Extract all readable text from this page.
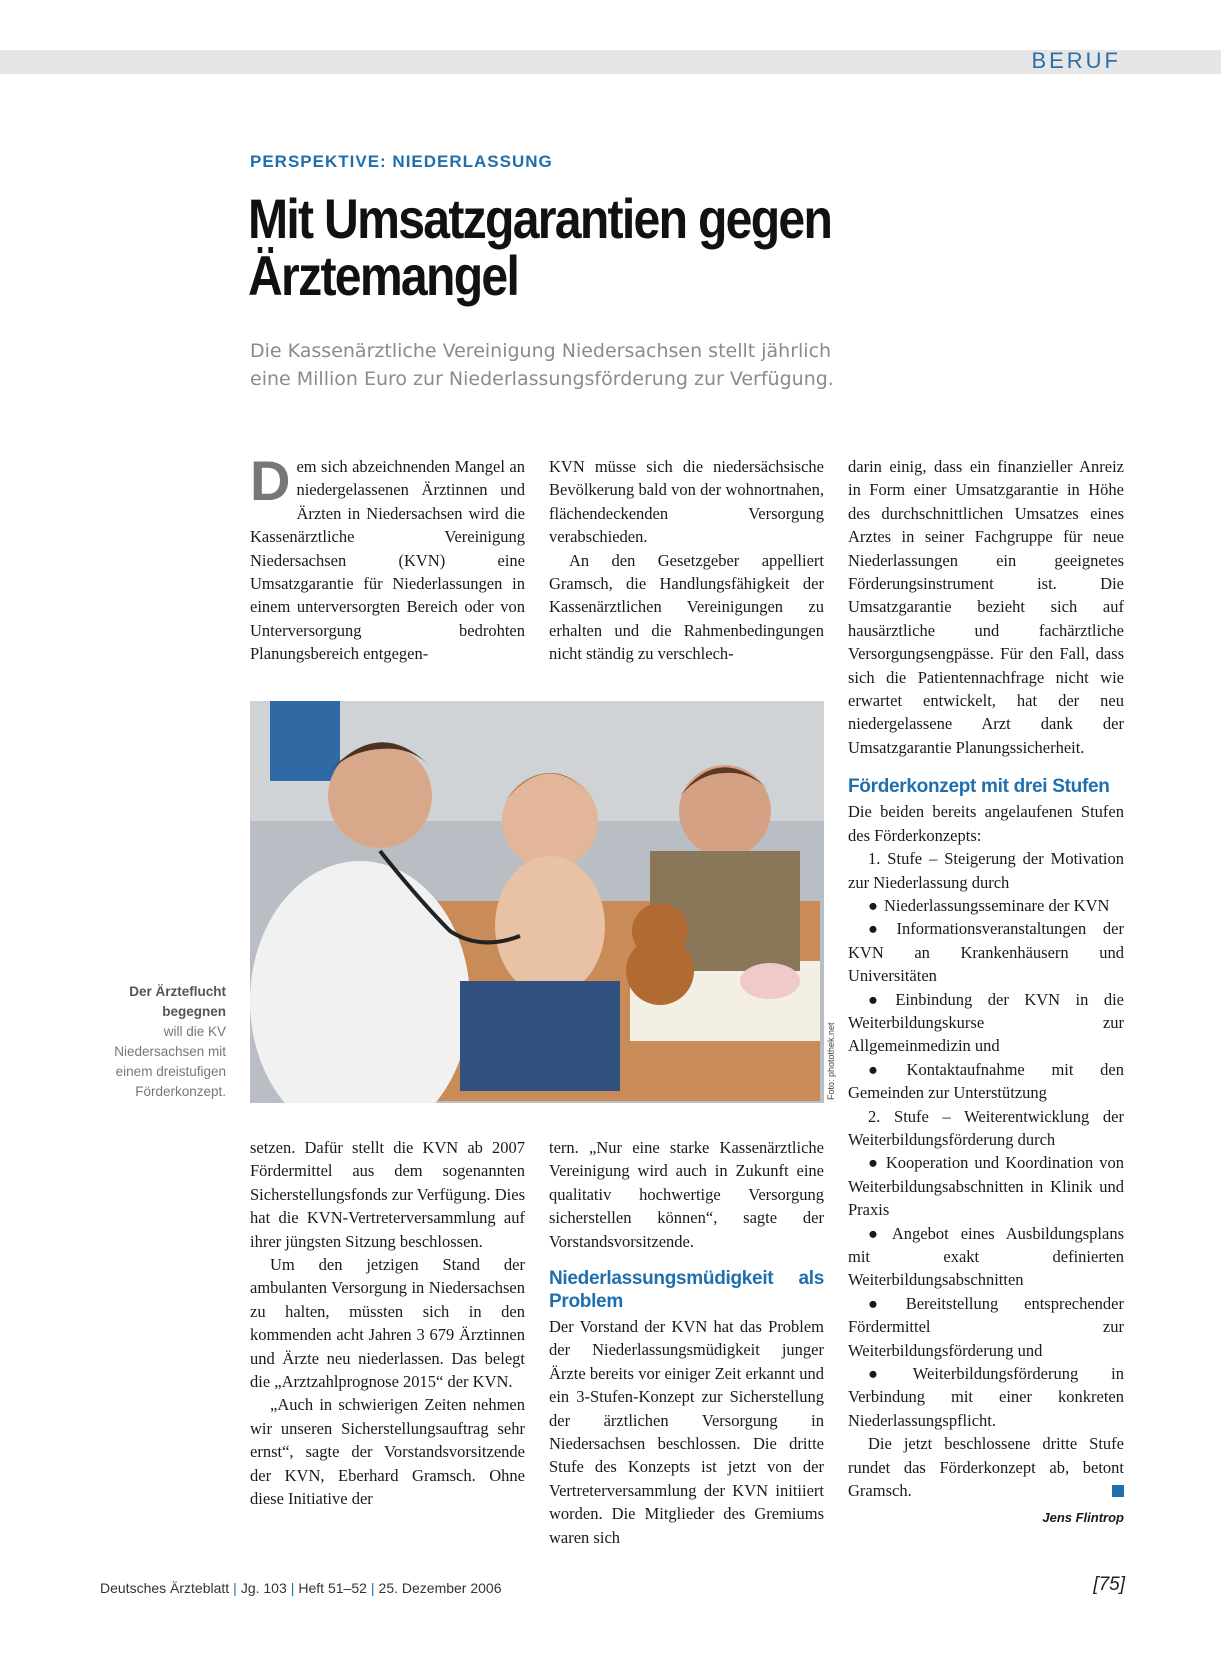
BERUF
PERSPEKTIVE: NIEDERLASSUNG
Mit Umsatzgarantien gegen
Ärztemangel
Die Kassenärztliche Vereinigung Niedersachsen stellt jährlich
eine Million Euro zur Niederlassungsförderung zur Verfügung.

Dem sich abzeichnenden Mangel an niedergelassenen Ärztinnen und Ärzten in Niedersachsen wird die Kassenärztliche Vereinigung Niedersachsen (KVN) eine Umsatzgarantie für Niederlassungen in einem unterversorgten Bereich oder von Unterversorgung bedrohten Planungsbereich entgegen-

KVN müsse sich die niedersächsische Bevölkerung bald von der wohnortnahen, flächendeckenden Versorgung verabschieden.

An den Gesetzgeber appelliert Gramsch, die Handlungsfähigkeit der Kassenärztlichen Vereinigungen zu erhalten und die Rahmenbedingungen nicht ständig zu verschlech-

Foto: photothek.net
Der Ärzteflucht begegnen
will die KV Niedersachsen mit einem dreistufigen Förderkonzept.

setzen. Dafür stellt die KVN ab 2007 Fördermittel aus dem sogenannten Sicherstellungsfonds zur Verfügung. Dies hat die KVN-Vertreterversammlung auf ihrer jüngsten Sitzung beschlossen.

Um den jetzigen Stand der ambulanten Versorgung in Niedersachsen zu halten, müssten sich in den kommenden acht Jahren 3 679 Ärztinnen und Ärzte neu niederlassen. Das belegt die „Arztzahlprognose 2015“ der KVN.

„Auch in schwierigen Zeiten nehmen wir unseren Sicherstellungsauftrag sehr ernst“, sagte der Vorstandsvorsitzende der KVN, Eberhard Gramsch. Ohne diese Initiative der

tern. „Nur eine starke Kassenärztliche Vereinigung wird auch in Zukunft eine qualitativ hochwertige Versorgung sicherstellen können“, sagte der Vorstandsvorsitzende.

Niederlassungsmüdigkeit als Problem

Der Vorstand der KVN hat das Problem der Niederlassungsmüdigkeit junger Ärzte bereits vor einiger Zeit erkannt und ein 3-Stufen-Konzept zur Sicherstellung der ärztlichen Versorgung in Niedersachsen beschlossen. Die dritte Stufe des Konzepts ist jetzt von der Vertreterversammlung der KVN initiiert worden. Die Mitglieder des Gremiums waren sich

darin einig, dass ein finanzieller Anreiz in Form einer Umsatzgarantie in Höhe des durchschnittlichen Umsatzes eines Arztes in seiner Fachgruppe für neue Niederlassungen ein geeignetes Förderungsinstrument ist. Die Umsatzgarantie bezieht sich auf hausärztliche und fachärztliche Versorgungsengpässe. Für den Fall, dass sich die Patientennachfrage nicht wie erwartet entwickelt, hat der neu niedergelassene Arzt dank der Umsatzgarantie Planungssicherheit.

Förderkonzept mit drei Stufen

Die beiden bereits angelaufenen Stufen des Förderkonzepts:

1. Stufe – Steigerung der Motivation zur Niederlassung durch

● Niederlassungsseminare der KVN

● Informationsveranstaltungen der KVN an Krankenhäusern und Universitäten

● Einbindung der KVN in die Weiterbildungskurse zur Allgemeinmedizin und

● Kontaktaufnahme mit den Gemeinden zur Unterstützung

2. Stufe – Weiterentwicklung der Weiterbildungsförderung durch

● Kooperation und Koordination von Weiterbildungsabschnitten in Klinik und Praxis

● Angebot eines Ausbildungsplans mit exakt definierten Weiterbildungsabschnitten

● Bereitstellung entsprechender Fördermittel zur Weiterbildungsförderung und

● Weiterbildungsförderung in Verbindung mit einer konkreten Niederlassungspflicht.

Die jetzt beschlossene dritte Stufe rundet das Förderkonzept ab, betont Gramsch.

Jens Flintrop
Deutsches Ärzteblatt | Jg. 103 | Heft 51–52 | 25. Dezember 2006	[75]
